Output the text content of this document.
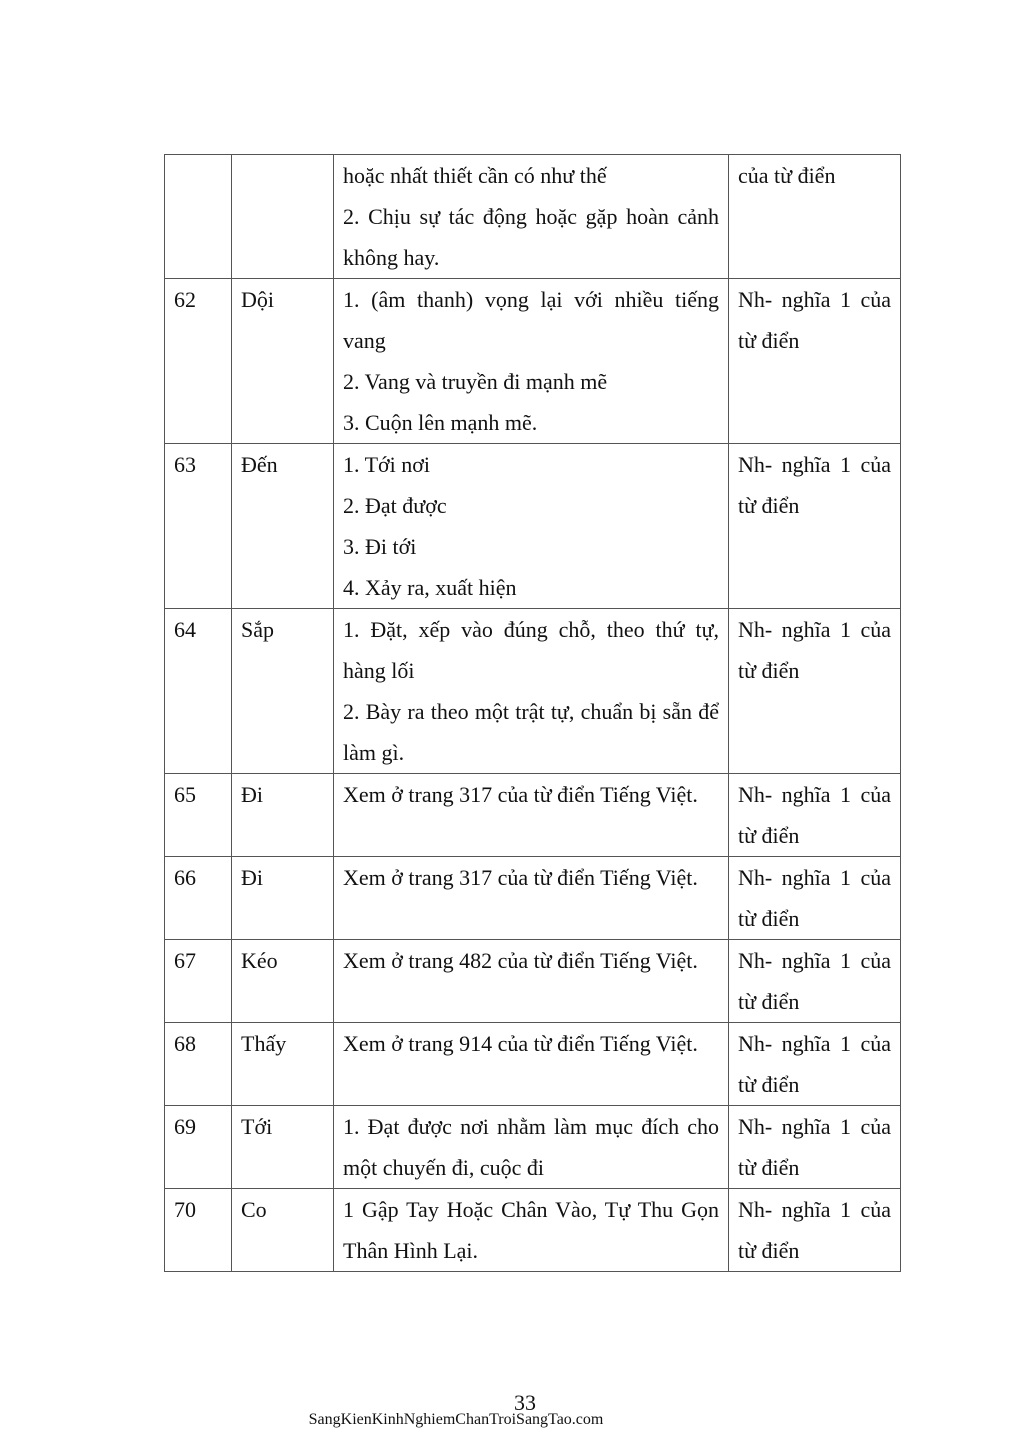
		hoặc nhất thiết cần có như thế

2. Chịu sự tác động hoặc gặp hoàn cảnh không hay.	của từ điển
62	Dội	1. (âm thanh) vọng lại với nhiều tiếng vang

2. Vang và truyền đi mạnh mẽ

3. Cuộn lên mạnh mẽ.	Nh- nghĩa 1 của từ điển
63	Đến	1. Tới nơi

2. Đạt được

3. Đi tới

4. Xảy ra, xuất hiện	Nh- nghĩa 1 của từ điển
64	Sắp	1. Đặt, xếp vào đúng chỗ, theo thứ tự, hàng lối

2. Bày ra theo một trật tự, chuẩn bị sẵn để làm gì.	Nh- nghĩa 1 của từ điển
65	Đi	Xem ở trang 317 của từ điển Tiếng Việt.	Nh- nghĩa 1 của từ điển
66	Đi	Xem ở trang 317 của từ điển Tiếng Việt.	Nh- nghĩa 1 của từ điển
67	Kéo	Xem ở trang 482 của từ điển Tiếng Việt.	Nh- nghĩa 1 của từ điển
68	Thấy	Xem ở trang 914 của từ điển Tiếng Việt.	Nh- nghĩa 1 của từ điển
69	Tới	1. Đạt được nơi nhằm làm mục đích cho một chuyến đi, cuộc đi	Nh- nghĩa 1 của từ điển
70	Co	1 Gập Tay Hoặc Chân Vào, Tự Thu Gọn Thân Hình Lại.	Nh- nghĩa 1 của từ điển
33
SangKienKinhNghiemChanTroiSangTao.com
